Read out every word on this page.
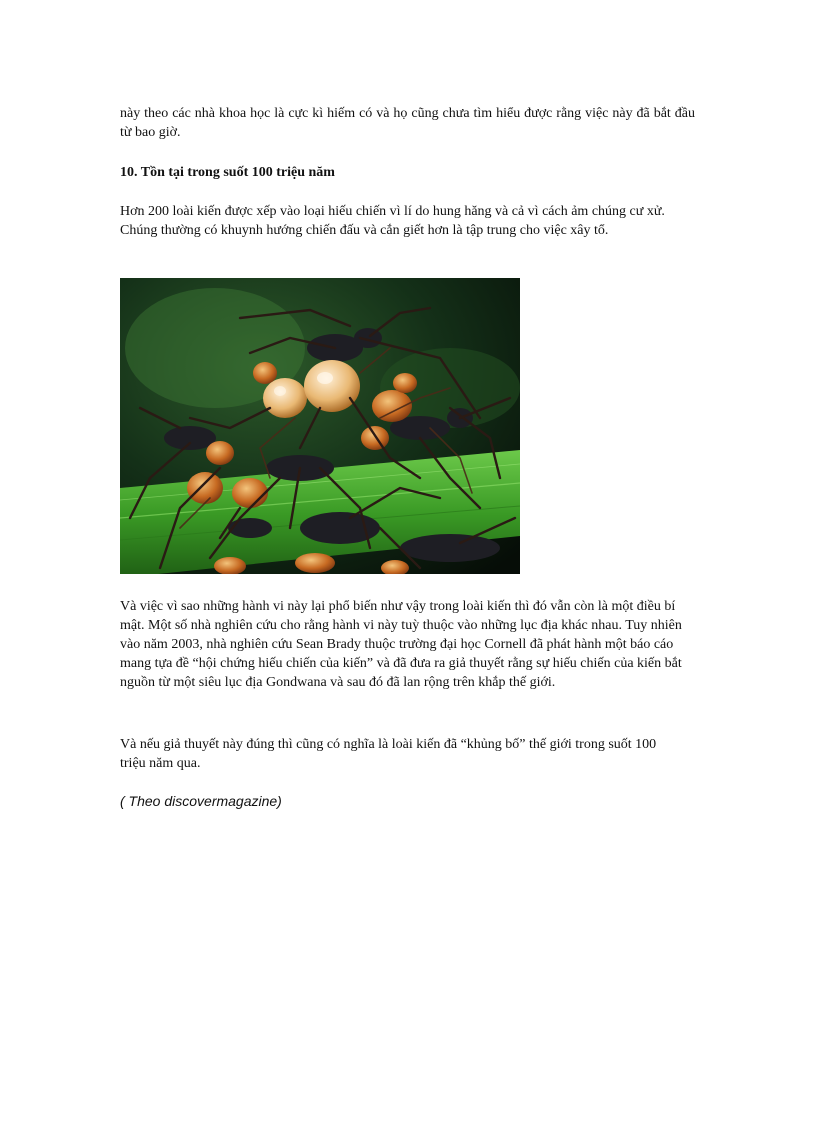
này theo các nhà khoa học là cực kì hiếm có và họ cũng chưa tìm hiểu được rằng việc này đã bắt đầu từ bao giờ.

10. Tồn tại trong suốt 100 triệu năm

Hơn 200 loài kiến được xếp vào loại hiếu chiến vì lí do hung hăng và cả vì cách ảm chúng cư xử. Chúng thường có khuynh hướng chiến đấu và cắn giết hơn là tập trung cho việc xây tổ.

Và việc vì sao những hành vi này lại phổ biến như vậy trong loài kiến thì đó vẫn còn là một điều bí mật. Một số nhà nghiên cứu cho rằng hành vi này tuỳ thuộc vào những lục địa khác nhau. Tuy nhiên vào năm 2003, nhà nghiên cứu Sean Brady thuộc trường đại học Cornell đã phát hành một báo cáo mang tựa đề “hội chứng hiếu chiến của kiến” và đã đưa ra giả thuyết rằng sự hiếu chiến của kiến bắt nguồn từ một siêu lục địa Gondwana và sau đó đã lan rộng trên khắp thế giới.

Và nếu giả thuyết này đúng thì cũng có nghĩa là loài kiến đã “khủng bố” thế giới trong suốt 100 triệu năm qua.

( Theo discovermagazine)
